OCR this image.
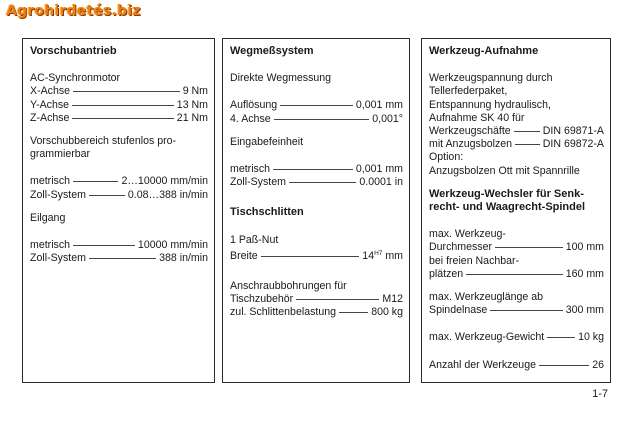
Agrohirdetés.biz
Vorschubantrieb
AC-Synchronmotor
X-Achse	9 Nm
Y-Achse	13 Nm
Z-Achse	21 Nm
Vorschubbereich stufenlos pro-
grammierbar
metrisch	2…10000 mm/min
Zoll-System	0.08…388 in/min
Eilgang
metrisch	10000 mm/min
Zoll-System	388 in/min
Wegmeßsystem
Direkte Wegmessung
Auflösung	0,001 mm
4. Achse	0,001°
Eingabefeinheit
metrisch	0,001 mm
Zoll-System	0.0001 in
Tischschlitten
1 Paß-Nut
Breite	$14^{H7}$ mm
Anschraubbohrungen für
Tischzubehör	M12
zul. Schlittenbelastung	800 kg
Werkzeug-Aufnahme
Werkzeugspannung durch
Tellerfederpaket,
Entspannung hydraulisch,
Aufnahme SK 40 für
Werkzeugschäfte	DIN 69871-A
mit Anzugsbolzen	DIN 69872-A
Option:
Anzugsbolzen Ott mit Spannrille
Werkzeug-Wechsler für Senk-
recht- und Waagrecht-Spindel
max. Werkzeug-
Durchmesser	100 mm
bei freien Nachbar-
plätzen	160 mm
max. Werkzeuglänge ab
Spindelnase	300 mm
max. Werkzeug-Gewicht	10 kg
Anzahl der Werkzeuge	26
1-7
